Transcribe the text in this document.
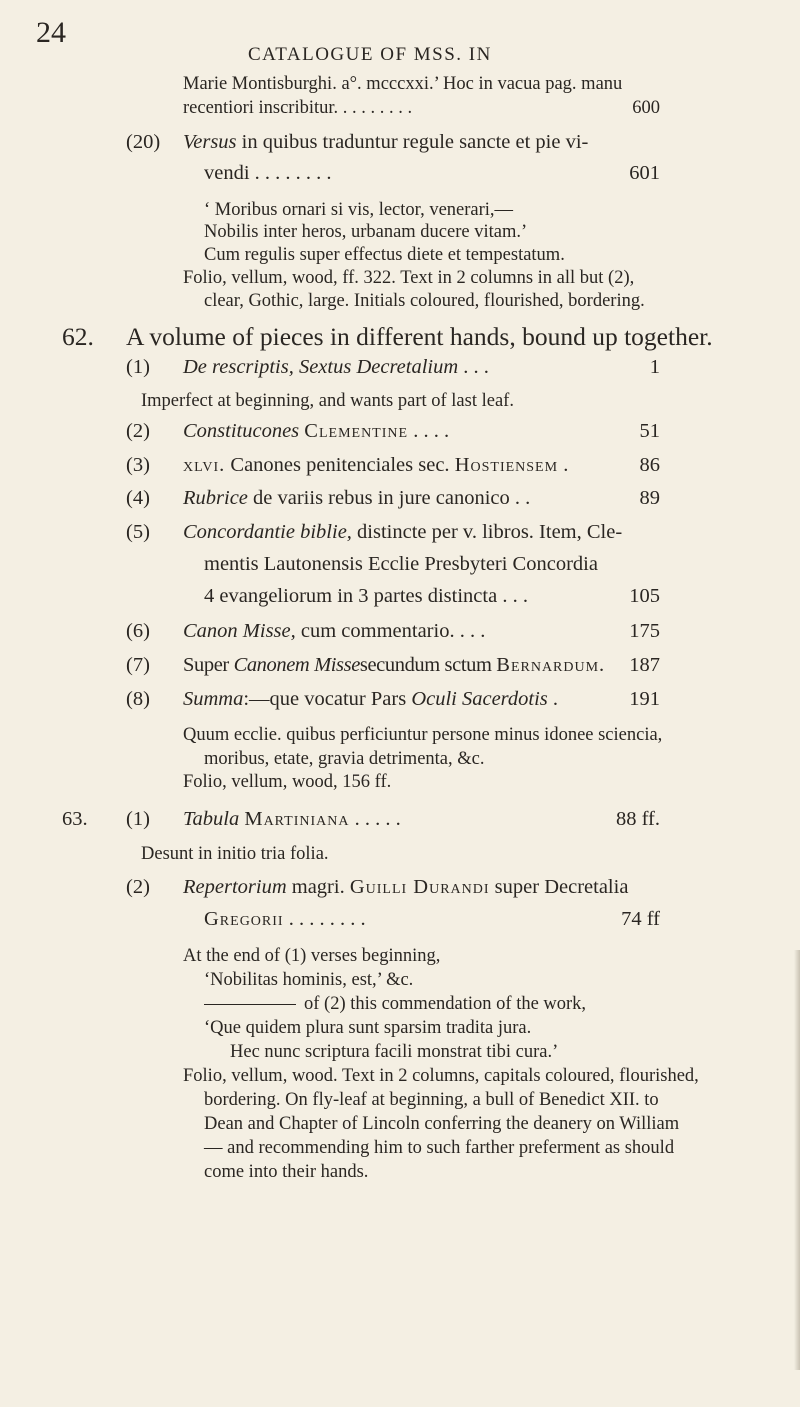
24
CATALOGUE OF MSS. IN
Marie Montisburghi. a°. mcccxxi.’ Hoc in vacua pag. manu
recentiori inscribitur. . . . . . . . .	600
(20) Versus in quibus traduntur regule sancte et pie vi-
vendi . . . . . . . .	601
‘ Moribus ornari si vis, lector, venerari,—
Nobilis inter heros, urbanam ducere vitam.’
Cum regulis super effectus diete et tempestatum.
Folio, vellum, wood, ff. 322. Text in 2 columns in all but (2),
clear, Gothic, large. Initials coloured, flourished, bordering.
62. A volume of pieces in different hands, bound up together.
(1) De rescriptis, Sextus Decretalium . . .	1
Imperfect at beginning, and wants part of last leaf.
(2) Constitucones Clementine . . . .	51
(3) xlvi. Canones penitenciales sec. Hostiensem .	86
(4) Rubrice de variis rebus in jure canonico . .	89
(5) Concordantie biblie, distincte per v. libros. Item, Cle-
mentis Lautonensis Ecclie Presbyteri Concordia
4 evangeliorum in 3 partes distincta . . .	105
(6) Canon Misse, cum commentario. . . .	175
(7) Super Canonem Missesecundum sctum Bernardum. 187
(8) Summa:—que vocatur Pars Oculi Sacerdotis .	191
Quum ecclie. quibus perficiuntur persone minus idonee sciencia,
moribus, etate, gravia detrimenta, &c.
Folio, vellum, wood, 156 ff.
63. (1) Tabula Martiniana . . . . .	88 ff.
Desunt in initio tria folia.
(2) Repertorium magri. Guilli Durandi super Decretalia
Gregorii . . . . . . . .	74 ff
At the end of (1) verses beginning,
‘Nobilitas hominis, est,’ &c.
of (2) this commendation of the work,
‘Que quidem plura sunt sparsim tradita jura.
Hec nunc scriptura facili monstrat tibi cura.’
Folio, vellum, wood. Text in 2 columns, capitals coloured, flourished,
bordering. On fly-leaf at beginning, a bull of Benedict XII. to
Dean and Chapter of Lincoln conferring the deanery on William
— and recommending him to such farther preferment as should
come into their hands.
